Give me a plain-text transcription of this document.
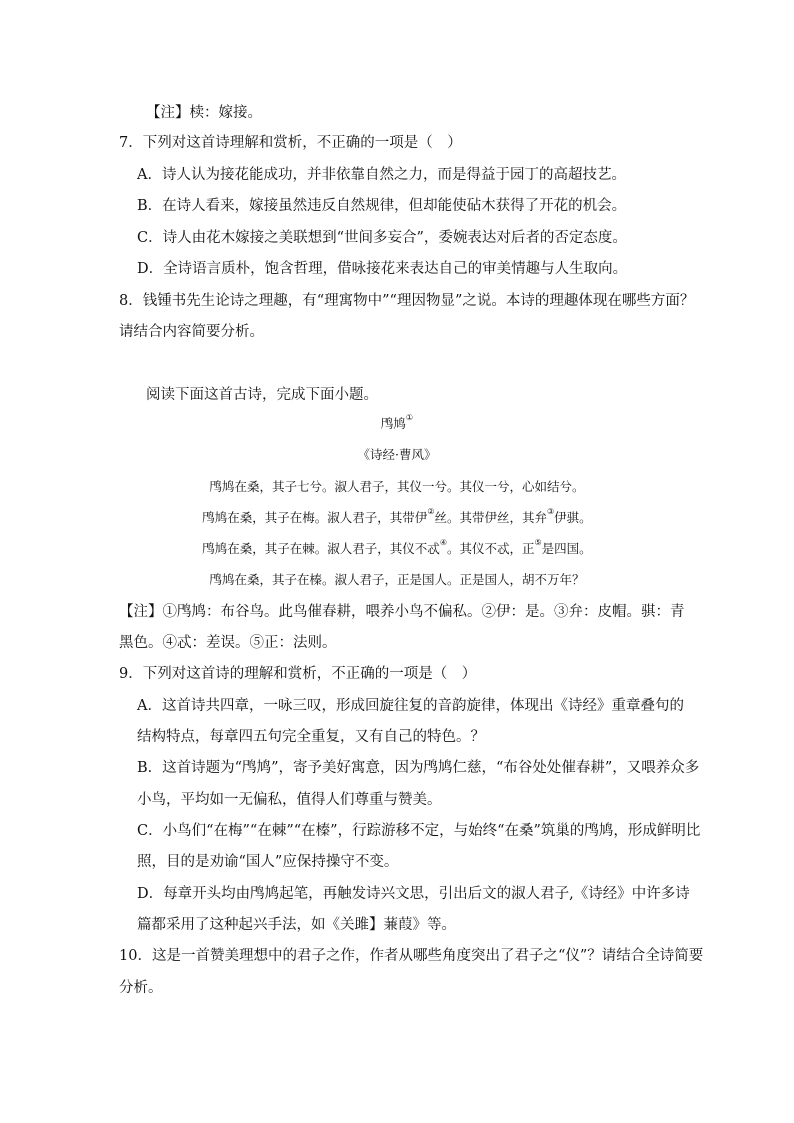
【注】椟：嫁接。
7．下列对这首诗理解和赏析，不正确的一项是（　）
A．诗人认为接花能成功，并非依靠自然之力，而是得益于园丁的高超技艺。
B．在诗人看来，嫁接虽然违反自然规律，但却能使砧木获得了开花的机会。
C．诗人由花木嫁接之美联想到“世间多妄合”，委婉表达对后者的否定态度。
D．全诗语言质朴，饱含哲理，借咏接花来表达自己的审美情趣与人生取向。
8．钱锺书先生论诗之理趣，有“理寓物中”“理因物显”之说。本诗的理趣体现在哪些方面？
请结合内容简要分析。
阅读下面这首古诗，完成下面小题。
鸤鸠①
《诗经·曹风》
鸤鸠在桑，其子七兮。淑人君子，其仪一兮。其仪一兮，心如结兮。
鸤鸠在桑，其子在梅。淑人君子，其带伊②丝。其带伊丝，其弁③伊骐。
鸤鸠在桑，其子在棘。淑人君子，其仪不忒④。其仪不忒，正⑤是四国。
鸤鸠在桑，其子在榛。淑人君子，正是国人。正是国人，胡不万年？
【注】①鸤鸠：布谷鸟。此鸟催春耕，喂养小鸟不偏私。②伊：是。③弁：皮帽。骐：青
黑色。④忒：差误。⑤正：法则。
9．下列对这首诗的理解和赏析，不正确的一项是（　）
A．这首诗共四章，一咏三叹，形成回旋往复的音韵旋律，体现出《诗经》重章叠句的
结构特点，每章四五句完全重复，又有自己的特色。？
B．这首诗题为“鸤鸠”，寄予美好寓意，因为鸤鸠仁慈，“布谷处处催春耕”，又喂养众多
小鸟，平均如一无偏私，值得人们尊重与赞美。
C．小鸟们“在梅”“在棘”“在榛”，行踪游移不定，与始终“在桑”筑巢的鸤鸠，形成鲜明比
照，目的是劝谕“国人”应保持操守不变。
D．每章开头均由鸤鸠起笔，再触发诗兴文思，引出后文的淑人君子,《诗经》中许多诗
篇都采用了这种起兴手法，如《关雎】蒹葭》等。
10．这是一首赞美理想中的君子之作，作者从哪些角度突出了君子之“仪”？请结合全诗简要
分析。
